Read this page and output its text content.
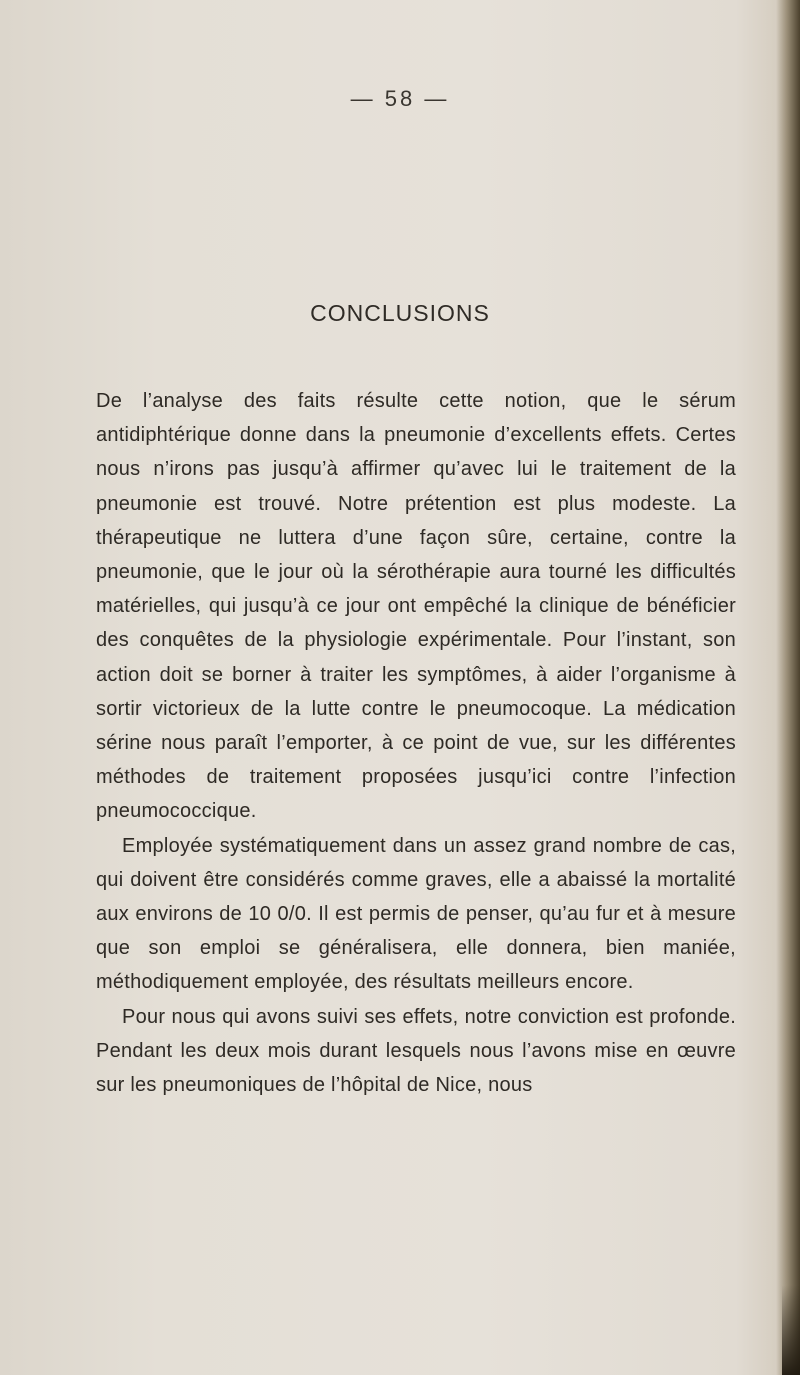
— 58 —
CONCLUSIONS

De l’analyse des faits résulte cette notion, que le sérum antidiphtérique donne dans la pneumonie d’excellents effets. Certes nous n’irons pas jusqu’à affirmer qu’avec lui le traitement de la pneumonie est trouvé. Notre prétention est plus modeste. La thérapeutique ne luttera d’une façon sûre, certaine, contre la pneumonie, que le jour où la sérothérapie aura tourné les difficultés matérielles, qui jusqu’à ce jour ont empêché la clinique de bénéficier des conquêtes de la physiologie expérimentale. Pour l’instant, son action doit se borner à traiter les symptômes, à aider l’organisme à sortir victorieux de la lutte contre le pneumocoque. La médication sérine nous paraît l’emporter, à ce point de vue, sur les différentes méthodes de traitement proposées jusqu’ici contre l’infection pneumococcique.

Employée systématiquement dans un assez grand nombre de cas, qui doivent être considérés comme graves, elle a abaissé la mortalité aux environs de 10 0/0. Il est permis de penser, qu’au fur et à mesure que son emploi se généralisera, elle donnera, bien maniée, méthodiquement employée, des résultats meilleurs encore.

Pour nous qui avons suivi ses effets, notre conviction est profonde. Pendant les deux mois durant lesquels nous l’avons mise en œuvre sur les pneumoniques de l’hôpital de Nice, nous
